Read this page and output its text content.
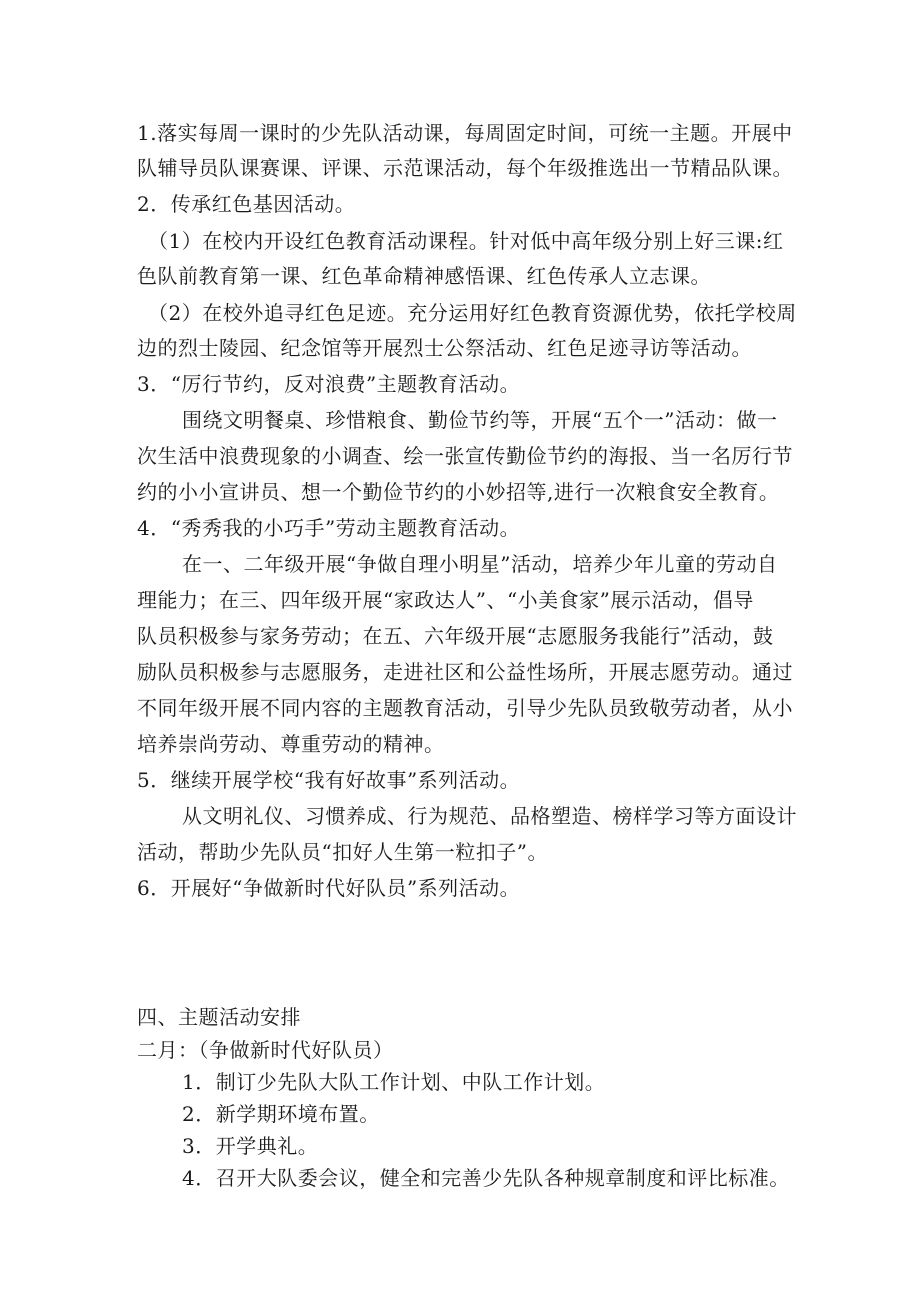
1.落实每周一课时的少先队活动课，每周固定时间，可统一主题。开展中
队辅导员队课赛课、评课、示范课活动，每个年级推选出一节精品队课。
2．传承红色基因活动。
（1）在校内开设红色教育活动课程。针对低中高年级分别上好三课:红
色队前教育第一课、红色革命精神感悟课、红色传承人立志课。
（2）在校外追寻红色足迹。充分运用好红色教育资源优势，依托学校周
边的烈士陵园、纪念馆等开展烈士公祭活动、红色足迹寻访等活动。
3．“厉行节约，反对浪费”主题教育活动。
围绕文明餐桌、珍惜粮食、勤俭节约等，开展“五个一”活动：做一
次生活中浪费现象的小调查、绘一张宣传勤俭节约的海报、当一名厉行节
约的小小宣讲员、想一个勤俭节约的小妙招等,进行一次粮食安全教育。
4．“秀秀我的小巧手”劳动主题教育活动。
在一、二年级开展“争做自理小明星”活动，培养少年儿童的劳动自
理能力；在三、四年级开展“家政达人”、“小美食家”展示活动，倡导
队员积极参与家务劳动；在五、六年级开展“志愿服务我能行”活动，鼓
励队员积极参与志愿服务，走进社区和公益性场所，开展志愿劳动。通过
不同年级开展不同内容的主题教育活动，引导少先队员致敬劳动者，从小
培养崇尚劳动、尊重劳动的精神。
5．继续开展学校“我有好故事”系列活动。
从文明礼仪、习惯养成、行为规范、品格塑造、榜样学习等方面设计
活动，帮助少先队员“扣好人生第一粒扣子”。
6．开展好“争做新时代好队员”系列活动。
四、主题活动安排
二月：（争做新时代好队员）
1．制订少先队大队工作计划、中队工作计划。
2．新学期环境布置。
3．开学典礼。
4．召开大队委会议，健全和完善少先队各种规章制度和评比标准。
